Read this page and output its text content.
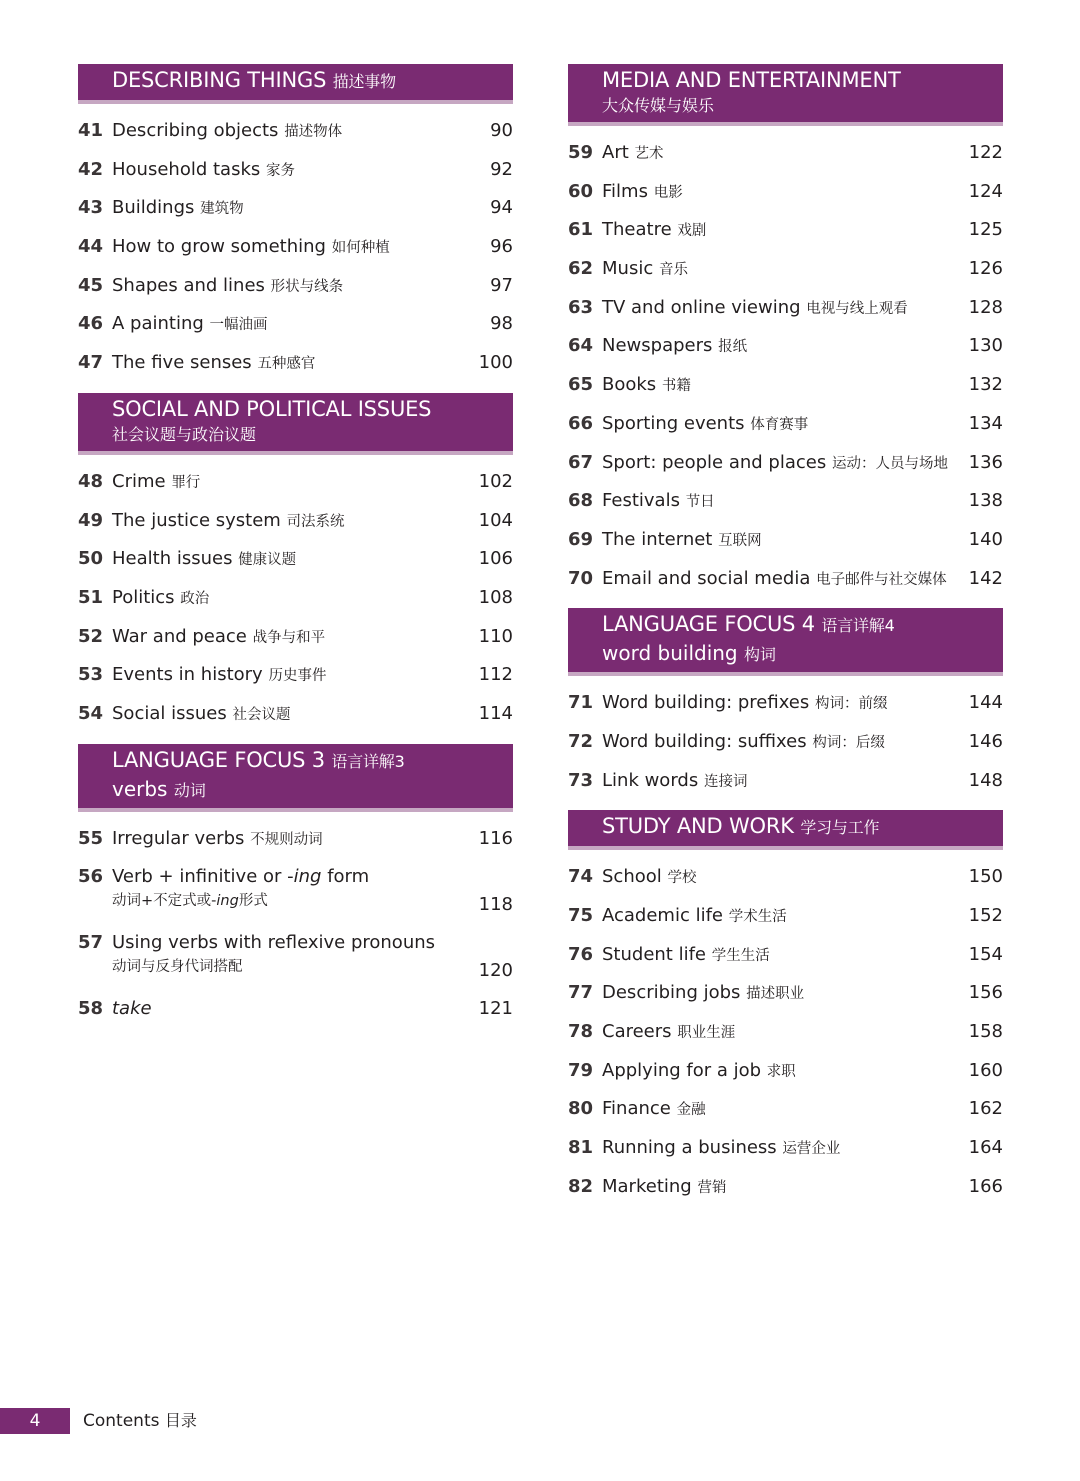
DESCRIBING THINGS 描述事物
41 Describing objects 描述物体	90
42 Household tasks 家务	92
43 Buildings 建筑物	94
44 How to grow something 如何种植	96
45 Shapes and lines 形状与线条	97
46 A painting 一幅油画	98
47 The five senses 五种感官	100
SOCIAL AND POLITICAL ISSUES
社会议题与政治议题
48 Crime 罪行	102
49 The justice system 司法系统	104
50 Health issues 健康议题	106
51 Politics 政治	108
52 War and peace 战争与和平	110
53 Events in history 历史事件	112
54 Social issues 社会议题	114
LANGUAGE FOCUS 3 语言详解3
verbs 动词
55 Irregular verbs 不规则动词	116
56 Verb + infinitive or -ing form
动词+不定式或-ing形式	118
57 Using verbs with reflexive pronouns
动词与反身代词搭配	120
58 take	121
MEDIA AND ENTERTAINMENT
大众传媒与娱乐
59 Art 艺术	122
60 Films 电影	124
61 Theatre 戏剧	125
62 Music 音乐	126
63 TV and online viewing 电视与线上观看	128
64 Newspapers 报纸	130
65 Books 书籍	132
66 Sporting events 体育赛事	134
67 Sport: people and places 运动：人员与场地 136
68 Festivals 节日	138
69 The internet 互联网	140
70 Email and social media 电子邮件与社交媒体 142
LANGUAGE FOCUS 4 语言详解4
word building 构词
71 Word building: prefixes 构词：前缀	144
72 Word building: suffixes 构词：后缀	146
73 Link words 连接词	148
STUDY AND WORK 学习与工作
74 School 学校	150
75 Academic life 学术生活	152
76 Student life 学生生活	154
77 Describing jobs 描述职业	156
78 Careers 职业生涯	158
79 Applying for a job 求职	160
80 Finance 金融	162
81 Running a business 运营企业	164
82 Marketing 营销	166
4	Contents 目录
